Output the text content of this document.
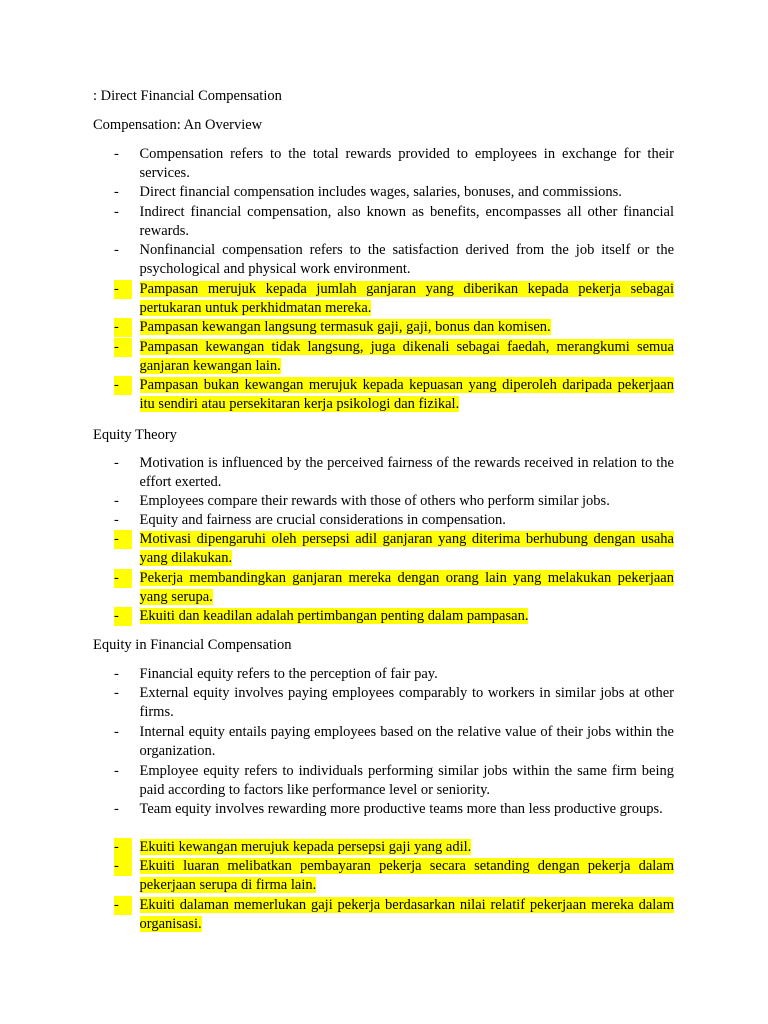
: Direct Financial Compensation
Compensation: An Overview
-	Compensation refers to the total rewards provided to employees in exchange for their services.
-	Direct financial compensation includes wages, salaries, bonuses, and commissions.
-	Indirect financial compensation, also known as benefits, encompasses all other financial rewards.
-	Nonfinancial compensation refers to the satisfaction derived from the job itself or the psychological and physical work environment.
-	Pampasan merujuk kepada jumlah ganjaran yang diberikan kepada pekerja sebagai pertukaran untuk perkhidmatan mereka.
-	Pampasan kewangan langsung termasuk gaji, gaji, bonus dan komisen.
-	Pampasan kewangan tidak langsung, juga dikenali sebagai faedah, merangkumi semua ganjaran kewangan lain.
-	Pampasan bukan kewangan merujuk kepada kepuasan yang diperoleh daripada pekerjaan itu sendiri atau persekitaran kerja psikologi dan fizikal.
Equity Theory
-	Motivation is influenced by the perceived fairness of the rewards received in relation to the effort exerted.
-	Employees compare their rewards with those of others who perform similar jobs.
-	Equity and fairness are crucial considerations in compensation.
-	Motivasi dipengaruhi oleh persepsi adil ganjaran yang diterima berhubung dengan usaha yang dilakukan.
-	Pekerja membandingkan ganjaran mereka dengan orang lain yang melakukan pekerjaan yang serupa.
-	Ekuiti dan keadilan adalah pertimbangan penting dalam pampasan.
Equity in Financial Compensation
-	Financial equity refers to the perception of fair pay.
-	External equity involves paying employees comparably to workers in similar jobs at other firms.
-	Internal equity entails paying employees based on the relative value of their jobs within the organization.
-	Employee equity refers to individuals performing similar jobs within the same firm being paid according to factors like performance level or seniority.
-	Team equity involves rewarding more productive teams more than less productive groups.
-	Ekuiti kewangan merujuk kepada persepsi gaji yang adil.
-	Ekuiti luaran melibatkan pembayaran pekerja secara setanding dengan pekerja dalam pekerjaan serupa di firma lain.
-	Ekuiti dalaman memerlukan gaji pekerja berdasarkan nilai relatif pekerjaan mereka dalam organisasi.
